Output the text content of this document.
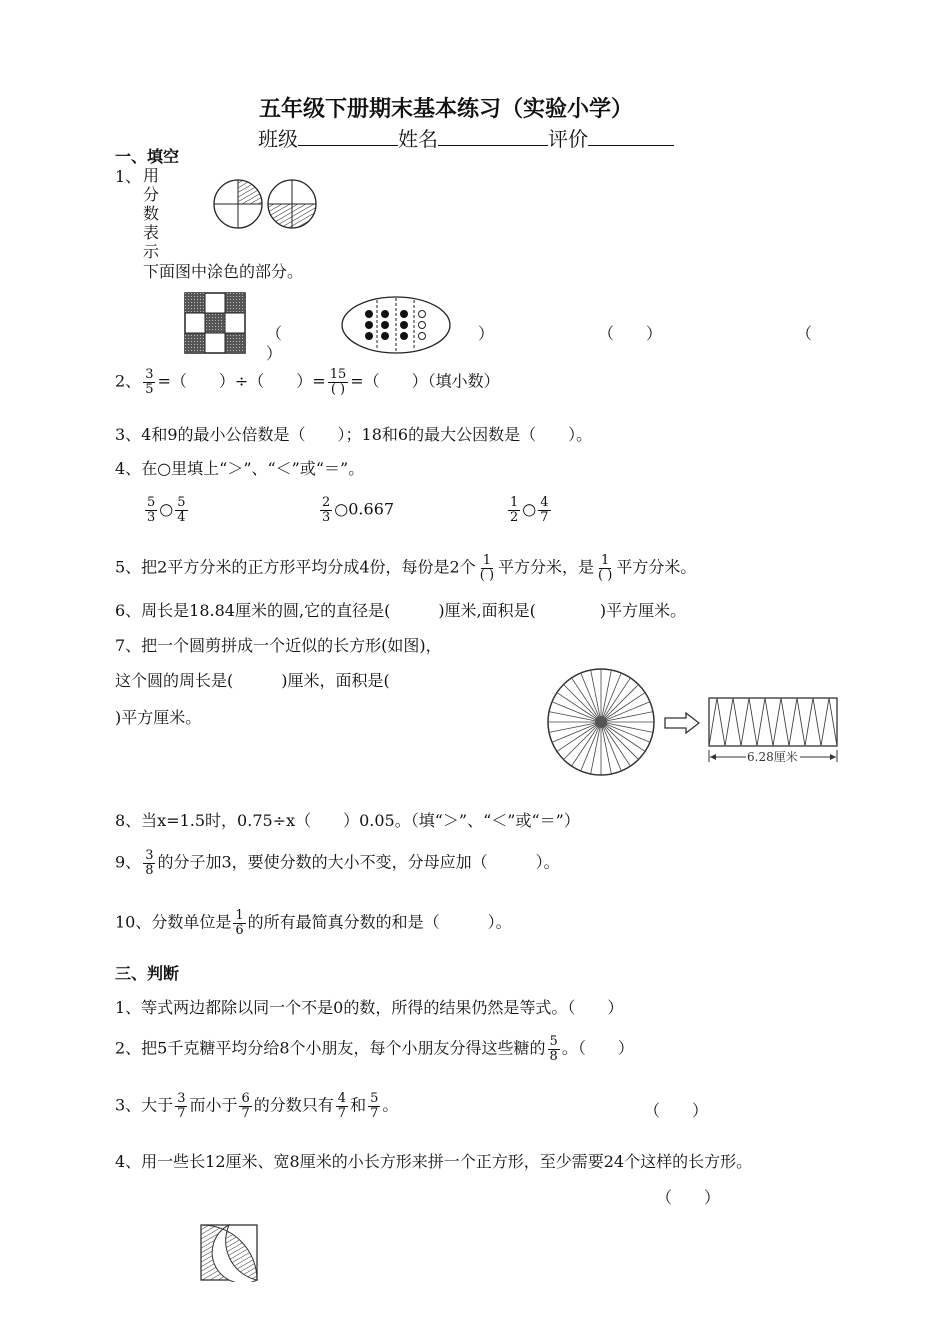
五年级下册期末基本练习（实验小学）
班级	姓名	评价
一、填空
1、 用
分
数
表
示
下面图中涂色的部分。
（	）
）
（　　）	（
2、 $\frac{3}{5}$ =（　　）÷（　　）= $\frac{15}{( )}$ =（　　）（填小数）
3、4和9的最小公倍数是（　　）；18和6的最大公因数是（　　）。
4、在○里填上“＞”、“＜”或“＝”。
$\frac{5}{3}$ ○ $\frac{5}{4}$	$\frac{2}{3}$ ○0.667	$\frac{1}{2}$ ○ $\frac{4}{7}$
5、把2平方分米的正方形平均分成4份，每份是2个 $\frac{1}{( )}$ 平方分米，是 $\frac{1}{( )}$ 平方分米。
6、周长是18.84厘米的圆,它的直径是(　　　)厘米,面积是(　　　　)平方厘米。
7、把一个圆剪拼成一个近似的长方形(如图)，
这个圆的周长是(　　　)厘米，面积是(
)平方厘米。
6.28厘米
8、当x=1.5时，0.75÷x（　　）0.05。（填“＞”、“＜”或“＝”）
9、 $\frac{3}{8}$ 的分子加3，要使分数的大小不变，分母应加（　　　）。
10、分数单位是 $\frac{1}{6}$ 的所有最简真分数的和是（　　　）。
三、判断
1、等式两边都除以同一个不是0的数，所得的结果仍然是等式。（　　）
2、把5千克糖平均分给8个小朋友，每个小朋友分得这些糖的 $\frac{5}{8}$ 。（　　）
3、大于 $\frac{3}{7}$ 而小于 $\frac{6}{7}$ 的分数只有 $\frac{4}{7}$ 和 $\frac{5}{7}$ 。	（　　）
4、用一些长12厘米、宽8厘米的小长方形来拼一个正方形，至少需要24个这样的长方形。
（　　）
